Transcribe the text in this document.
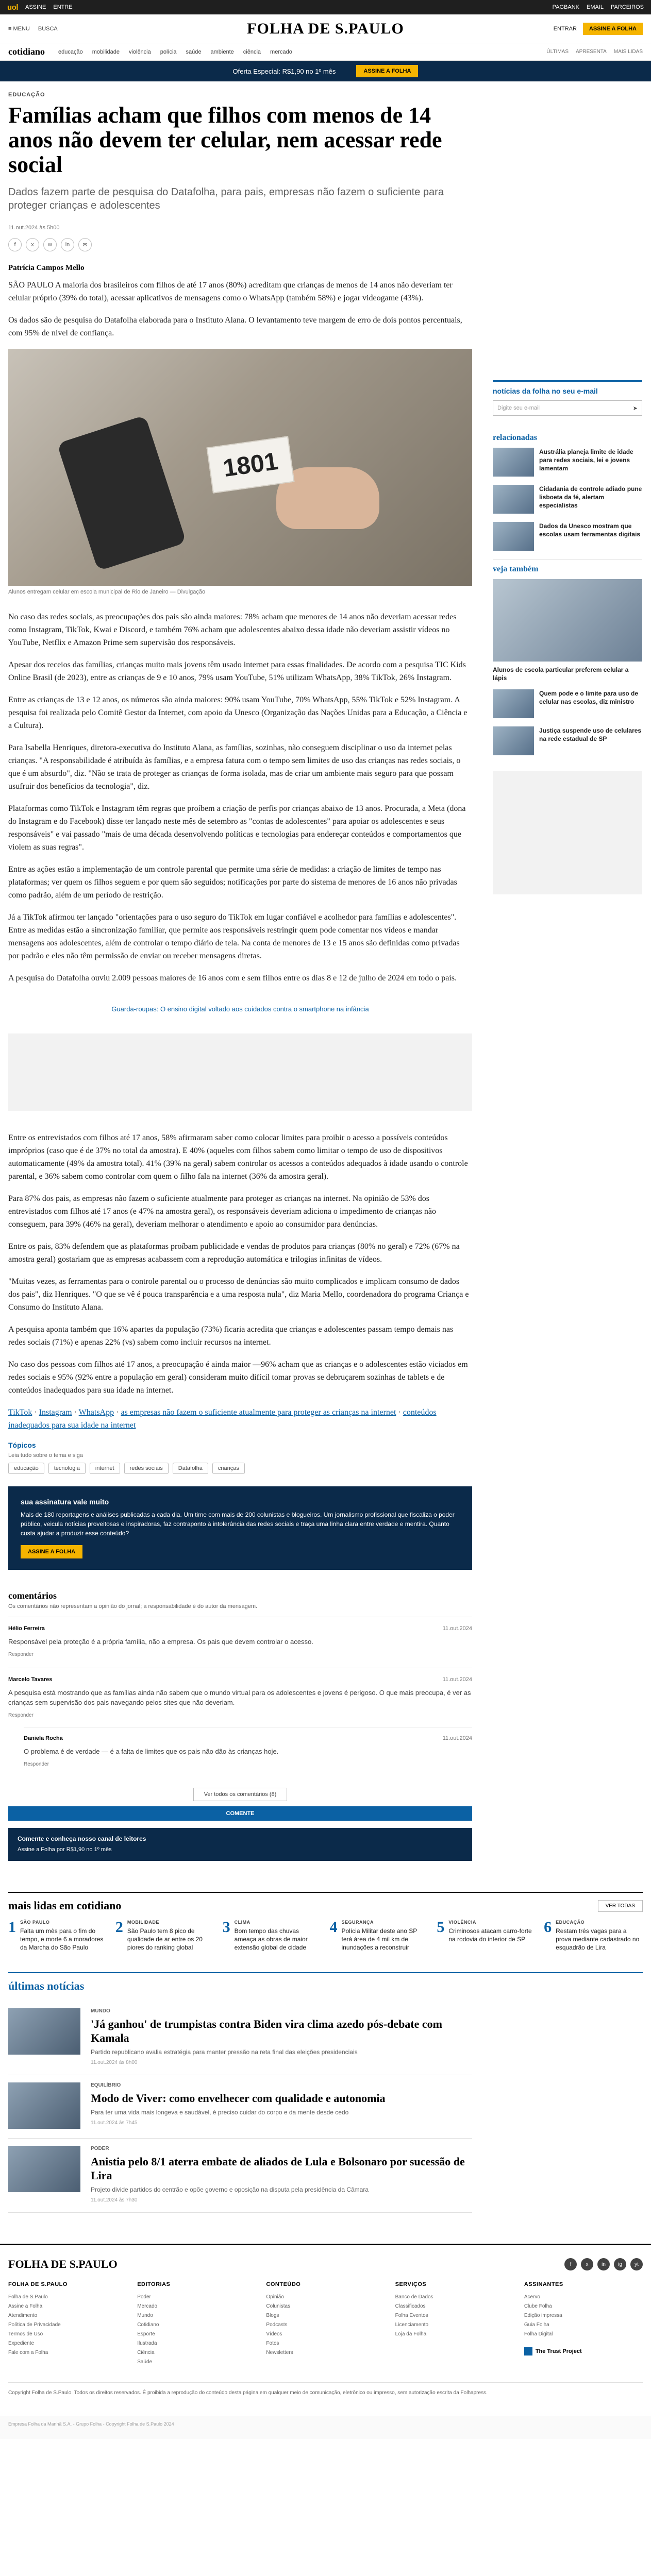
uol ASSINE ENTRE	PAGBANK EMAIL PARCEIROS
≡ MENU BUSCA	FOLHA DE S.PAULO	ENTRAR	ASSINE A FOLHA
cotidiano educação mobilidade violência polícia saúde ambiente ciência mercado	ÚLTIMAS APRESENTA MAIS LIDAS
Oferta Especial: R$1,90 no 1º mês	ASSINE A FOLHA
EDUCAÇÃO
Famílias acham que filhos com menos de 14 anos não devem ter celular, nem acessar rede social
Dados fazem parte de pesquisa do Datafolha, para pais, empresas não fazem o suficiente para proteger crianças e adolescentes
11.out.2024 às 5h00
f	x	w	in	✉
Patrícia Campos Mello

SÃO PAULO A maioria dos brasileiros com filhos de até 17 anos (80%) acreditam que crianças de menos de 14 anos não deveriam ter celular próprio (39% do total), acessar aplicativos de mensagens como o WhatsApp (também 58%) e jogar videogame (43%).

Os dados são de pesquisa do Datafolha elaborada para o Instituto Alana. O levantamento teve margem de erro de dois pontos percentuais, com 95% de nível de confiança.

1801
Alunos entregam celular em escola municipal de Rio de Janeiro — Divulgação

No caso das redes sociais, as preocupações dos pais são ainda maiores: 78% acham que menores de 14 anos não deveriam acessar redes como Instagram, TikTok, Kwai e Discord, e também 76% acham que adolescentes abaixo dessa idade não deveriam assistir vídeos no YouTube, Netflix e Amazon Prime sem supervisão dos responsáveis.

Apesar dos receios das famílias, crianças muito mais jovens têm usado internet para essas finalidades. De acordo com a pesquisa TIC Kids Online Brasil (de 2023), entre as crianças de 9 e 10 anos, 79% usam YouTube, 51% utilizam WhatsApp, 38% TikTok, 26% Instagram.

Entre as crianças de 13 e 12 anos, os números são ainda maiores: 90% usam YouTube, 70% WhatsApp, 55% TikTok e 52% Instagram. A pesquisa foi realizada pelo Comitê Gestor da Internet, com apoio da Unesco (Organização das Nações Unidas para a Educação, a Ciência e a Cultura).

Para Isabella Henriques, diretora-executiva do Instituto Alana, as famílias, sozinhas, não conseguem disciplinar o uso da internet pelas crianças. "A responsabilidade é atribuída às famílias, e a empresa fatura com o tempo sem limites de uso das crianças nas redes sociais, o que é um absurdo", diz. "Não se trata de proteger as crianças de forma isolada, mas de criar um ambiente mais seguro para que possam usufruir dos benefícios da tecnologia", diz.

Plataformas como TikTok e Instagram têm regras que proíbem a criação de perfis por crianças abaixo de 13 anos. Procurada, a Meta (dona do Instagram e do Facebook) disse ter lançado neste mês de setembro as "contas de adolescentes" para apoiar os adolescentes e seus responsáveis" e vai passado "mais de uma década desenvolvendo políticas e tecnologias para endereçar conteúdos e comportamentos que violem as suas regras".

Entre as ações estão a implementação de um controle parental que permite uma série de medidas: a criação de limites de tempo nas plataformas; ver quem os filhos seguem e por quem são seguidos; notificações por parte do sistema de menores de 16 anos não privadas como padrão, além de um período de restrição.

Já a TikTok afirmou ter lançado "orientações para o uso seguro do TikTok em lugar confiável e acolhedor para famílias e adolescentes". Entre as medidas estão a sincronização familiar, que permite aos responsáveis restringir quem pode comentar nos vídeos e mandar mensagens aos adolescentes, além de controlar o tempo diário de tela. Na conta de menores de 13 e 15 anos são definidas como privadas por padrão e eles não têm permissão de enviar ou receber mensagens diretas.

A pesquisa do Datafolha ouviu 2.009 pessoas maiores de 16 anos com e sem filhos entre os dias 8 e 12 de julho de 2024 em todo o país.

Guarda-roupas: O ensino digital voltado aos cuidados contra o smartphone na infância

Entre os entrevistados com filhos até 17 anos, 58% afirmaram saber como colocar limites para proibir o acesso a possíveis conteúdos impróprios (caso que é de 37% no total da amostra). E 40% (aqueles com filhos sabem como limitar o tempo de uso de dispositivos automaticamente (49% da amostra total). 41% (39% na geral) sabem controlar os acessos a conteúdos adequados à idade usando o controle parental, e 36% sabem como controlar com quem o filho fala na internet (36% da amostra geral).

Para 87% dos pais, as empresas não fazem o suficiente atualmente para proteger as crianças na internet. Na opinião de 53% dos entrevistados com filhos até 17 anos (e 47% na amostra geral), os responsáveis deveriam adiciona o impedimento de crianças não conseguem, para 39% (46% na geral), deveriam melhorar o atendimento e apoio ao consumidor para denúncias.

Entre os pais, 83% defendem que as plataformas proíbam publicidade e vendas de produtos para crianças (80% no geral) e 72% (67% na amostra geral) gostariam que as empresas acabassem com a reprodução automática e trilogias infinitas de vídeos.

"Muitas vezes, as ferramentas para o controle parental ou o processo de denúncias são muito complicados e implicam consumo de dados dos pais", diz Henriques. "O que se vê é pouca transparência e a uma resposta nula", diz Maria Mello, coordenadora do programa Criança e Consumo do Instituto Alana.

A pesquisa aponta também que 16% apartes da população (73%) ficaria acredita que crianças e adolescentes passam tempo demais nas redes sociais (71%) e apenas 22% (vs) sabem como incluir recursos na internet.

No caso dos pessoas com filhos até 17 anos, a preocupação é ainda maior —96% acham que as crianças e o adolescentes estão viciados em redes sociais e 95% (92% entre a população em geral) consideram muito difícil tomar provas se debruçarem sozinhas de tablets e de conteúdos inadequados para sua idade na internet.

TikTok · Instagram · WhatsApp · as empresas não fazem o suficiente atualmente para proteger as crianças na internet · conteúdos inadequados para sua idade na internet
Tópicos
Leia tudo sobre o tema e siga
educação	tecnologia	internet	redes sociais	Datafolha	crianças
sua assinatura vale muito

Mais de 180 reportagens e análises publicadas a cada dia. Um time com mais de 200 colunistas e blogueiros. Um jornalismo profissional que fiscaliza o poder público, veicula notícias proveitosas e inspiradoras, faz contraponto à intolerância das redes sociais e traça uma linha clara entre verdade e mentira. Quanto custa ajudar a produzir esse conteúdo?

ASSINE A FOLHA
comentários
Os comentários não representam a opinião do jornal; a responsabilidade é do autor da mensagem.
Hélio Ferreira	11.out.2024
Responsável pela proteção é a própria família, não a empresa. Os pais que devem controlar o acesso.
Responder
Marcelo Tavares	11.out.2024
A pesquisa está mostrando que as famílias ainda não sabem que o mundo virtual para os adolescentes e jovens é perigoso. O que mais preocupa, é ver as crianças sem supervisão dos pais navegando pelos sites que não deveriam.
Responder
Daniela Rocha	11.out.2024
O problema é de verdade — é a falta de limites que os pais não dão às crianças hoje.
Responder
Ver todos os comentários (8)
COMENTE
Comente e conheça nosso canal de leitores
Assine a Folha por R$1,90 no 1º mês
notícias da folha no seu e-mail
Digite seu e-mail	➤
relacionadas
Austrália planeja limite de idade para redes sociais, lei e jovens lamentam
Cidadania de controle adiado pune lisboeta da fé, alertam especialistas
Dados da Unesco mostram que escolas usam ferramentas digitais
veja também
Alunos de escola particular preferem celular a lápis
Quem pode e o limite para uso de celular nas escolas, diz ministro
Justiça suspende uso de celulares na rede estadual de SP
mais lidas em cotidiano	VER TODAS
1 SÃO PAULO
Falta um mês para o fim do tempo, e morte 6 a moradores da Marcha do São Paulo
2 MOBILIDADE
São Paulo tem 8 pico de qualidade de ar entre os 20 piores do ranking global
3 CLIMA
Bom tempo das chuvas ameaça as obras de maior extensão global de cidade
4 SEGURANÇA
Polícia Militar deste ano SP terá área de 4 mil km de inundações a reconstruir
5 VIOLÊNCIA
Criminosos atacam carro-forte na rodovia do interior de SP
6 EDUCAÇÃO
Restam três vagas para a prova mediante cadastrado no esquadrão de Lira
últimas notícias
MUNDO
'Já ganhou' de trumpistas contra Biden vira clima azedo pós-debate com Kamala
Partido republicano avalia estratégia para manter pressão na reta final das eleições presidenciais
11.out.2024 às 8h00
EQUILÍBRIO
Modo de Viver: como envelhecer com qualidade e autonomia
Para ter uma vida mais longeva e saudável, é preciso cuidar do corpo e da mente desde cedo
11.out.2024 às 7h45
PODER
Anistia pelo 8/1 aterra embate de aliados de Lula e Bolsonaro por sucessão de Lira
Projeto divide partidos do centrão e opõe governo e oposição na disputa pela presidência da Câmara
11.out.2024 às 7h30
FOLHA DE S.PAULO	f	x	in	ig	yt
FOLHA DE S.PAULO
Folha de S.Paulo
Assine a Folha
Atendimento
Política de Privacidade
Termos de Uso
Expediente
Fale com a Folha
EDITORIAS
Poder
Mercado
Mundo
Cotidiano
Esporte
Ilustrada
Ciência
Saúde
CONTEÚDO
Opinião
Colunistas
Blogs
Podcasts
Vídeos
Fotos
Newsletters
SERVIÇOS
Banco de Dados
Classificados
Folha Eventos
Licenciamento
Loja da Folha
ASSINANTES
Acervo
Clube Folha
Edição impressa
Guia Folha
Folha Digital
The Trust Project
Copyright Folha de S.Paulo. Todos os direitos reservados. É proibida a reprodução do conteúdo desta página em qualquer meio de comunicação, eletrônico ou impresso, sem autorização escrita da Folhapress.
Empresa Folha da Manhã S.A. - Grupo Folha - Copyright Folha de S.Paulo 2024
